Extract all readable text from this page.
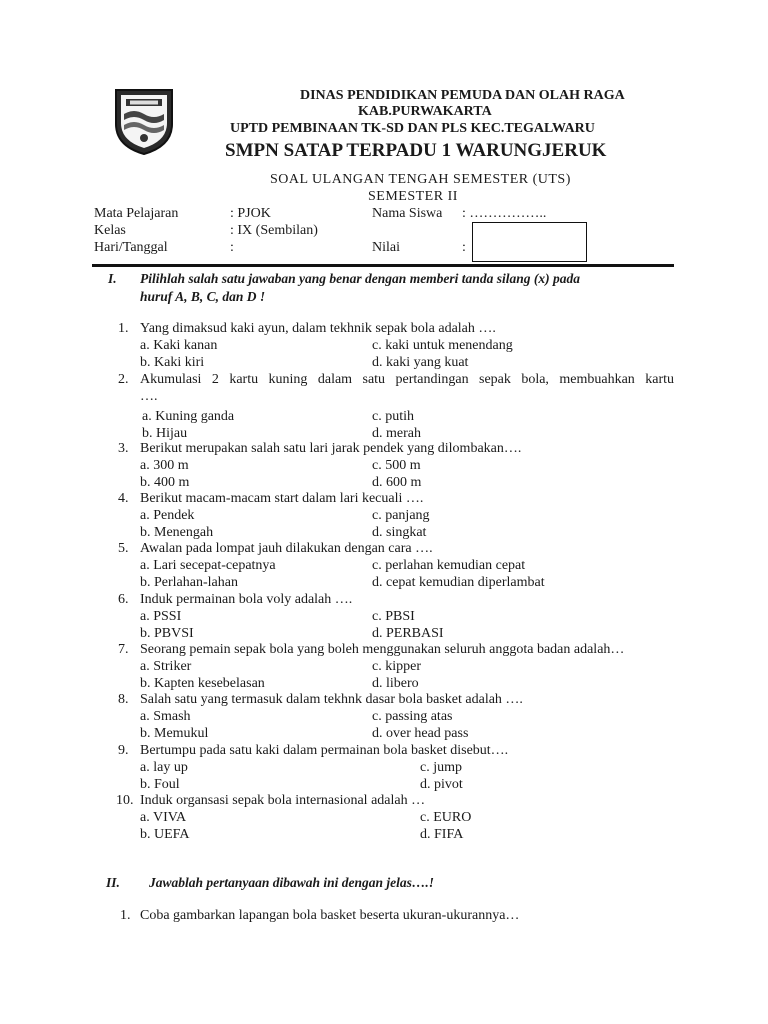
DINAS PENDIDIKAN PEMUDA DAN OLAH RAGA
KAB.PURWAKARTA
UPTD PEMBINAAN TK-SD DAN PLS KEC.TEGALWARU
SMPN SATAP TERPADU 1 WARUNGJERUK
SOAL ULANGAN TENGAH SEMESTER (UTS)
SEMESTER II
Mata Pelajaran	: PJOK
Kelas	: IX (Sembilan)
Hari/Tanggal	:
Nama Siswa : ……………..
Nilai	:
I. Pilihlah salah satu jawaban yang benar dengan memberi tanda silang (x) pada
huruf A, B, C, dan D !
1. Yang dimaksud kaki ayun, dalam tekhnik sepak bola adalah ….
a. Kaki kanan	c. kaki untuk menendang
b. Kaki kiri	d. kaki yang kuat
2. Akumulasi 2 kartu kuning dalam satu pertandingan sepak bola, membuahkan kartu
….
a. Kuning ganda	c. putih
b. Hijau	d. merah
3. Berikut merupakan salah satu lari jarak pendek yang dilombakan….
a. 300 m	c. 500 m
b. 400 m	d. 600 m
4. Berikut macam-macam start dalam lari kecuali ….
a. Pendek	c. panjang
b. Menengah	d. singkat
5. Awalan pada lompat jauh dilakukan dengan cara ….
a. Lari secepat-cepatnya	c. perlahan kemudian cepat
b. Perlahan-lahan	d. cepat kemudian diperlambat
6. Induk permainan bola voly adalah ….
a. PSSI	c. PBSI
b. PBVSI	d. PERBASI
7. Seorang pemain sepak bola yang boleh menggunakan seluruh anggota badan adalah…
a. Striker	c. kipper
b. Kapten kesebelasan	d. libero
8. Salah satu yang termasuk dalam tekhnk dasar bola basket adalah ….
a. Smash	c. passing atas
b. Memukul	d. over head pass
9. Bertumpu pada satu kaki dalam permainan bola basket disebut….
a. lay up	c. jump
b. Foul	d. pivot
10. Induk organsasi sepak bola internasional adalah …
a. VIVA	c. EURO
b. UEFA	d. FIFA
II. Jawablah pertanyaan dibawah ini dengan jelas….!
1. Coba gambarkan lapangan bola basket beserta ukuran-ukurannya…
